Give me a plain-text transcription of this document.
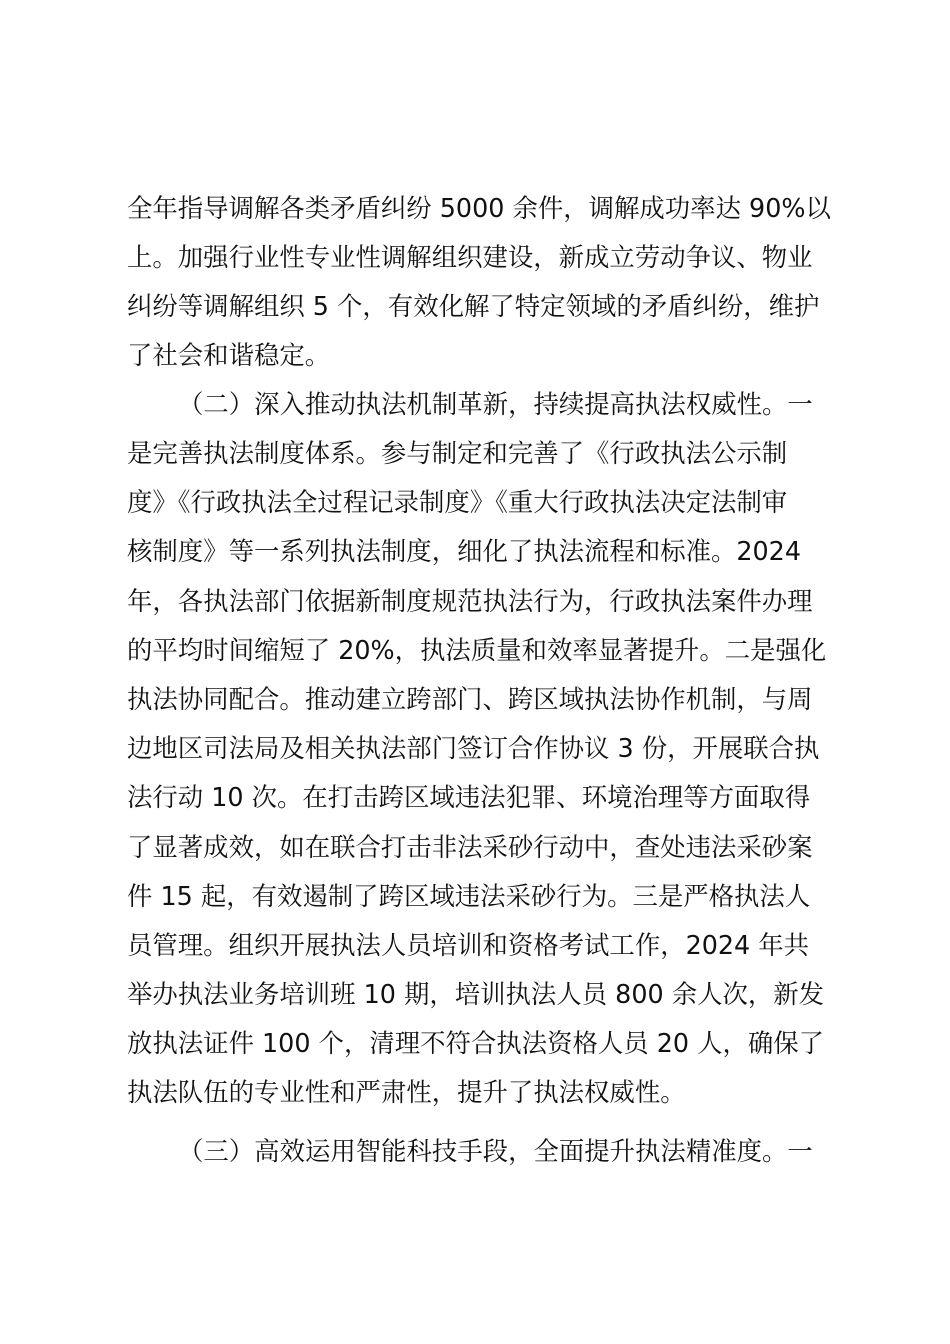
全年指导调解各类矛盾纠纷 5000 余件，调解成功率达 90%以
上。加强行业性专业性调解组织建设，新成立劳动争议、物业
纠纷等调解组织 5 个，有效化解了特定领域的矛盾纠纷，维护
了社会和谐稳定。
（二）深入推动执法机制革新，持续提高执法权威性。一
是完善执法制度体系。参与制定和完善了《行政执法公示制
度》《行政执法全过程记录制度》《重大行政执法决定法制审
核制度》等一系列执法制度，细化了执法流程和标准。2024
年，各执法部门依据新制度规范执法行为，行政执法案件办理
的平均时间缩短了 20%，执法质量和效率显著提升。二是强化
执法协同配合。推动建立跨部门、跨区域执法协作机制，与周
边地区司法局及相关执法部门签订合作协议 3 份，开展联合执
法行动 10 次。在打击跨区域违法犯罪、环境治理等方面取得
了显著成效，如在联合打击非法采砂行动中，查处违法采砂案
件 15 起，有效遏制了跨区域违法采砂行为。三是严格执法人
员管理。组织开展执法人员培训和资格考试工作，2024 年共
举办执法业务培训班 10 期，培训执法人员 800 余人次，新发
放执法证件 100 个，清理不符合执法资格人员 20 人，确保了
执法队伍的专业性和严肃性，提升了执法权威性。
（三）高效运用智能科技手段，全面提升执法精准度。一
